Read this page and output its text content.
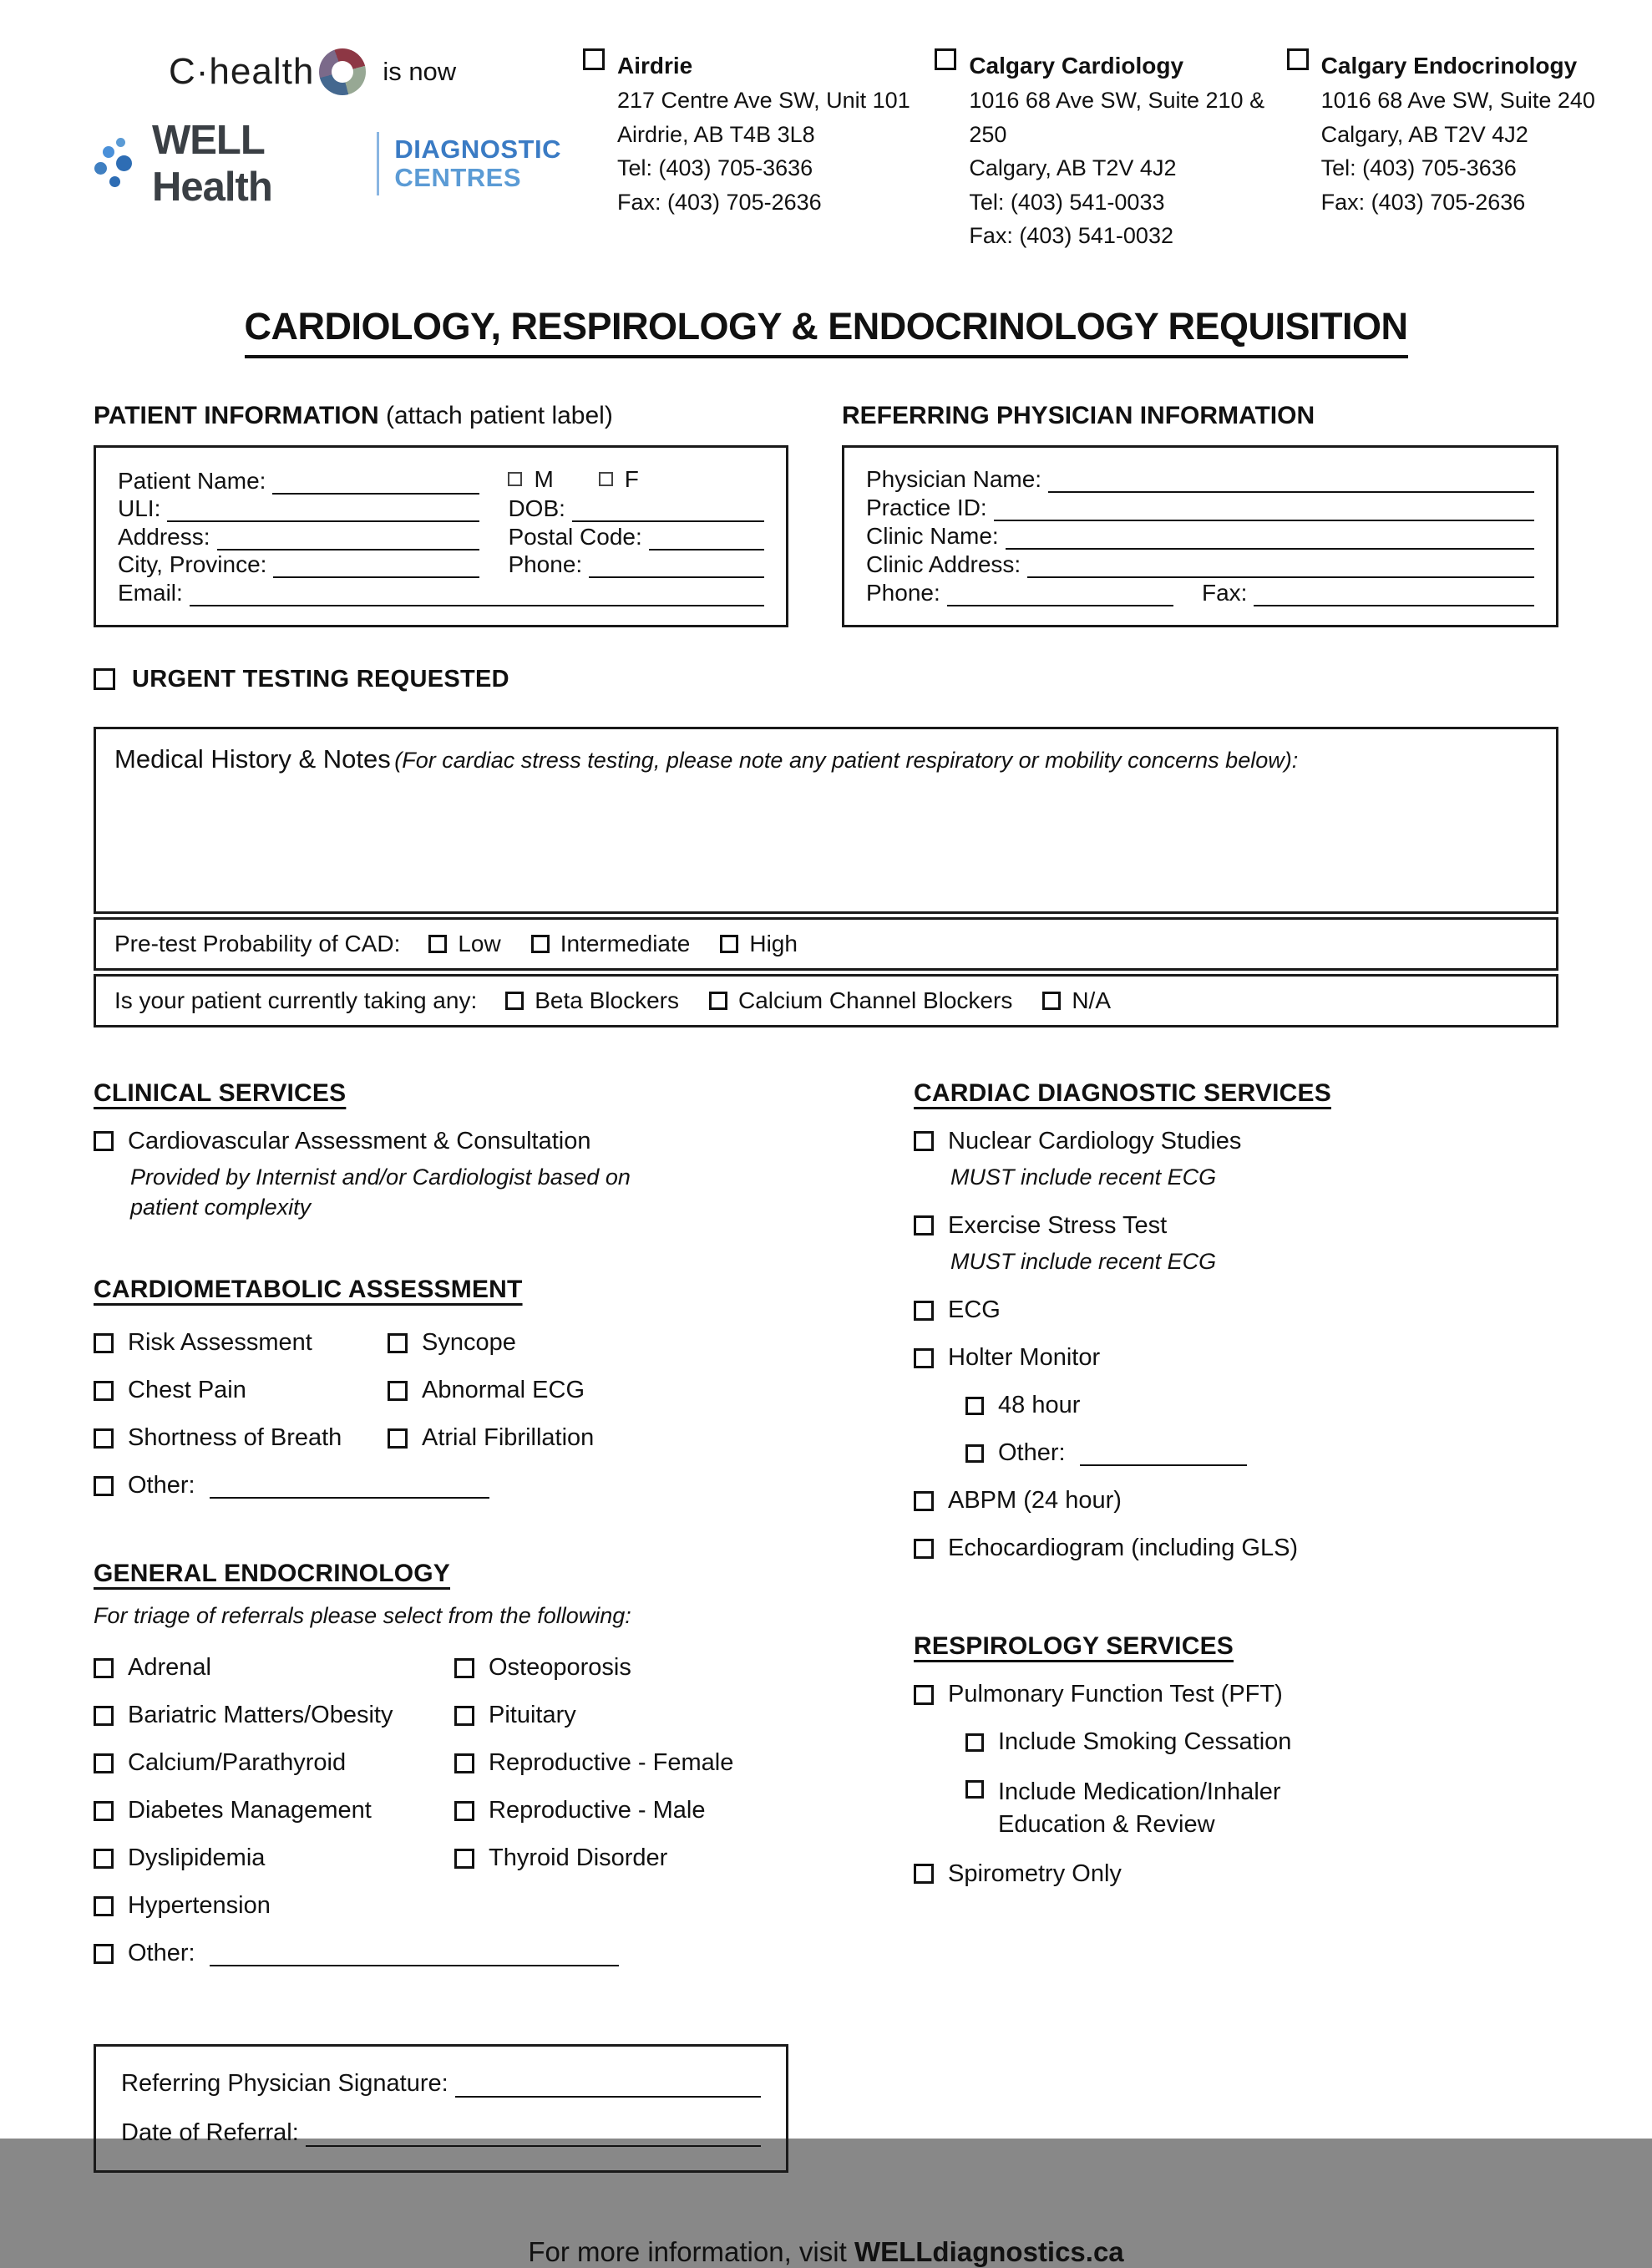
C·health	is now
WELL Health
DIAGNOSTIC
CENTRES
Airdrie
217 Centre Ave SW, Unit 101
Airdrie, AB T4B 3L8
Tel: (403) 705-3636
Fax: (403) 705-2636
Calgary Cardiology
1016 68 Ave SW, Suite 210 & 250
Calgary, AB T2V 4J2
Tel: (403) 541-0033
Fax: (403) 541-0032
Calgary Endocrinology
1016 68 Ave SW, Suite 240
Calgary, AB T2V 4J2
Tel: (403) 705-3636
Fax: (403) 705-2636
CARDIOLOGY, RESPIROLOGY & ENDOCRINOLOGY REQUISITION
PATIENT INFORMATION (attach patient label)
Patient Name:	M	F
ULI:	DOB:
Address:	Postal Code:
City, Province:	Phone:
Email:
REFERRING PHYSICIAN INFORMATION
Physician Name:
Practice ID:
Clinic Name:
Clinic Address:
Phone:	Fax:
URGENT TESTING REQUESTED
Medical History & Notes (For cardiac stress testing, please note any patient respiratory or mobility concerns below):
Pre-test Probability of CAD: Low	Intermediate	High
Is your patient currently taking any: Beta Blockers	Calcium Channel Blockers	N/A
CLINICAL SERVICES
Cardiovascular Assessment & Consultation
Provided by Internist and/or Cardiologist based on patient complexity
CARDIOMETABOLIC ASSESSMENT
Risk Assessment
Chest Pain
Shortness of Breath
Syncope
Abnormal ECG
Atrial Fibrillation
Other:
GENERAL ENDOCRINOLOGY
For triage of referrals please select from the following:
Adrenal
Bariatric Matters/Obesity
Calcium/Parathyroid
Diabetes Management
Dyslipidemia
Hypertension
Osteoporosis
Pituitary
Reproductive - Female
Reproductive - Male
Thyroid Disorder
Other:
CARDIAC DIAGNOSTIC SERVICES
Nuclear Cardiology Studies
MUST include recent ECG
Exercise Stress Test
MUST include recent ECG
ECG
Holter Monitor
48 hour
Other:
ABPM (24 hour)
Echocardiogram (including GLS)
RESPIROLOGY SERVICES
Pulmonary Function Test (PFT)
Include Smoking Cessation
Include Medication/Inhaler Education & Review
Spirometry Only
Referring Physician Signature:
Date of Referral:
For more information, visit WELLdiagnostics.ca
